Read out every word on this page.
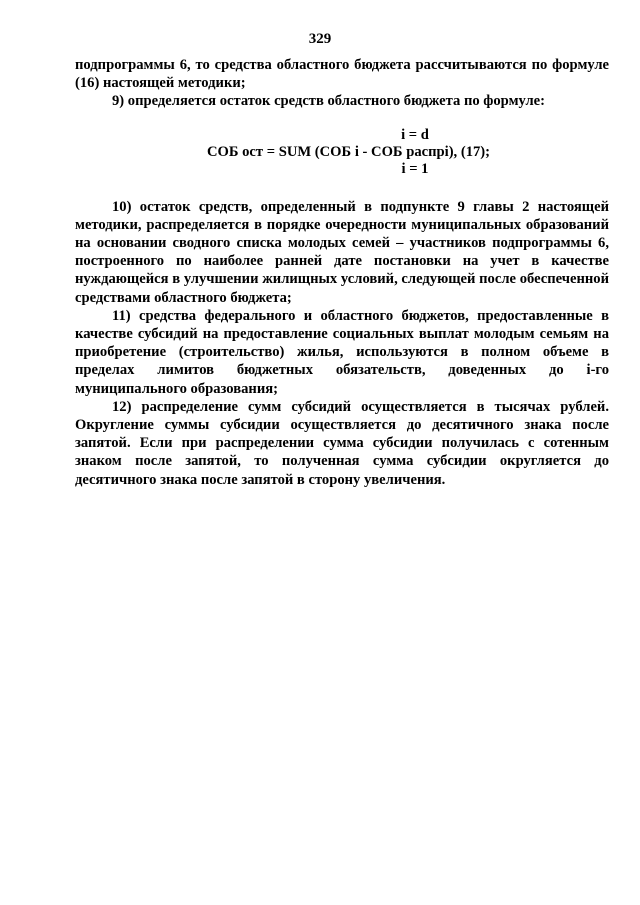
329

подпрограммы 6, то средства областного бюджета рассчитываются по формуле (16) настоящей методики;

9) определяется остаток средств областного бюджета по формуле:

i = d
СОБ ост = SUM (СОБ i - СОБ распрi), (17);
i = 1

10) остаток средств, определенный в подпункте 9 главы 2 настоящей методики, распределяется в порядке очередности муниципальных образований на основании сводного списка молодых семей – участников подпрограммы 6, построенного по наиболее ранней дате постановки на учет в качестве нуждающейся в улучшении жилищных условий, следующей после обеспеченной средствами областного бюджета;

11) средства федерального и областного бюджетов, предоставленные в качестве субсидий на предоставление социальных выплат молодым семьям на приобретение (строительство) жилья, используются в полном объеме в пределах лимитов бюджетных обязательств, доведенных до i-го муниципального образования;

12) распределение сумм субсидий осуществляется в тысячах рублей. Округление суммы субсидии осуществляется до десятичного знака после запятой. Если при распределении сумма субсидии получилась с сотенным знаком после запятой, то полученная сумма субсидии округляется до десятичного знака после запятой в сторону увеличения.
